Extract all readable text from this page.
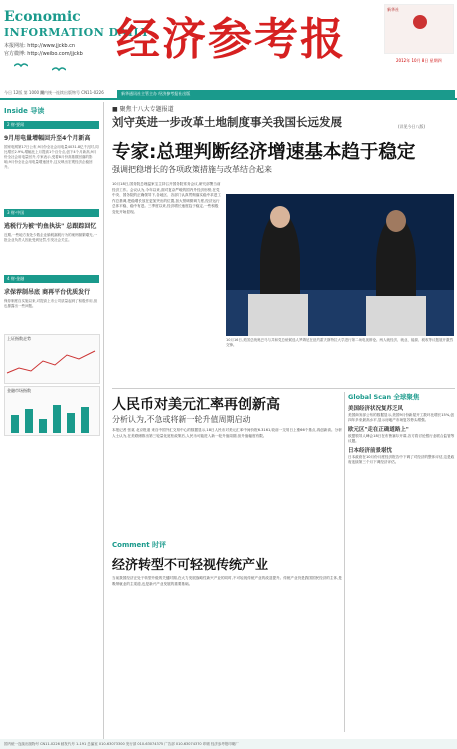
Economic
INFORMATION DAILY
本报网址: http://www.jjckb.cn
官方微博: http://weibo.com/jjckb 经济参考报
新华社
2012年 10月 8日 星期四
今日 12版 第 1000 期
国内统一连续出版物号 CN11-0226	新华通讯社主管主办 经济参考报社出版
Inside 导读
2 财·要闻
9月用电量增幅回升至4个月新高
国家电网第17日公布,9月份全社会用电量4031.8亿千瓦时,同比增长2.9%,增幅比上月提高1个百分点,创下4个月新高,9月份全社会用电量回升,专家表示,受着8月份高基数回落的影响,9月份全社会用电量增速回升,这反映出宏观经济企稳回升。
3 财·中国
逃税行为被"钓鱼执法" 总跟踪回忆
近期,一些地方查处少数企业偷税漏税行为的案例频繁曝光,一批企业负责人因此受到处罚,引发社会关注。
4 财·金融
求保荐制吊底 商再平台优质发行
保荐制度自实施以来,对提高上市公司质量起到了积极作用,但也暴露出一些问题。
上证指数走势
金融市场指数
■ 聚焦十八大专题报道
刘守英进一步改革土地制度事关我国长远发展	(详见今日八版)
专家:总理判断经济增速基本趋于稳定
强调把稳增长的各项政策措施与改革结合起来
10月18日,国务院总理温家宝主持召开国务院常务会议,研究部署当前经济工作。会议认为,今年以来,面对复杂严峻的国内外经济形势,在党中央、国务院的正确领导下,各地区、各部门认真贯彻落实稳中求进工作总基调,把稳增长放在更加突出的位置,加大预调微调力度,经济运行总体平稳、稳中有进。三季度以来,经济增长速度趋于稳定,一些积极变化开始显现。
10月16日,美国总统奥巴马与共和党总统候选人罗姆尼在纽约霍夫斯特拉大学进行第二场电视辩论。两人就经济、就业、能源、税收等议题展开激烈交锋。
人民币对美元汇率再创新高
分析认为,不急或将新一轮升值周期启动
本报记者 张莫 北京报道 来自中国外汇交易中心的数据显示,18日人民币对美元汇率中间价报6.3161,较前一交易日上涨66个基点,再创新高。分析人士认为,在美联储推出第三轮量化宽松政策后,人民币可能进入新一轮升值周期,但升值幅度有限。
Global Scan 全球聚焦
美国经济状况复苏乏风
美国商务部公布的数据显示,美国9月份新屋开工数环比增长15%,创四年多来最高水平,显示房地产市场复苏势头增强。
欧元区"走在正确道路上"
欧盟领导人峰会18日在布鲁塞尔开幕,各方将讨论银行业联合监管等议题。
日本经济前景堪忧
日本政府在10月份月度经济报告中下调了对经济的整体评估,这是政府连续第三个月下调经济评估。
Comment 时评
经济转型不可轻视传统产业
当前我国经济正处于转型升级的关键时期,在大力发展战略性新兴产业的同时,不可轻视传统产业的改造提升。传统产业仍是我国国民经济的主体,是吸纳就业的主渠道,也是新兴产业发展的重要基础。
国内统一连续出版物号 CN11-0226 邮发代号 1-191 总编室 010-63073300 发行部 010-63074375 广告部 010-63074370 印刷 经济参考报印刷厂
